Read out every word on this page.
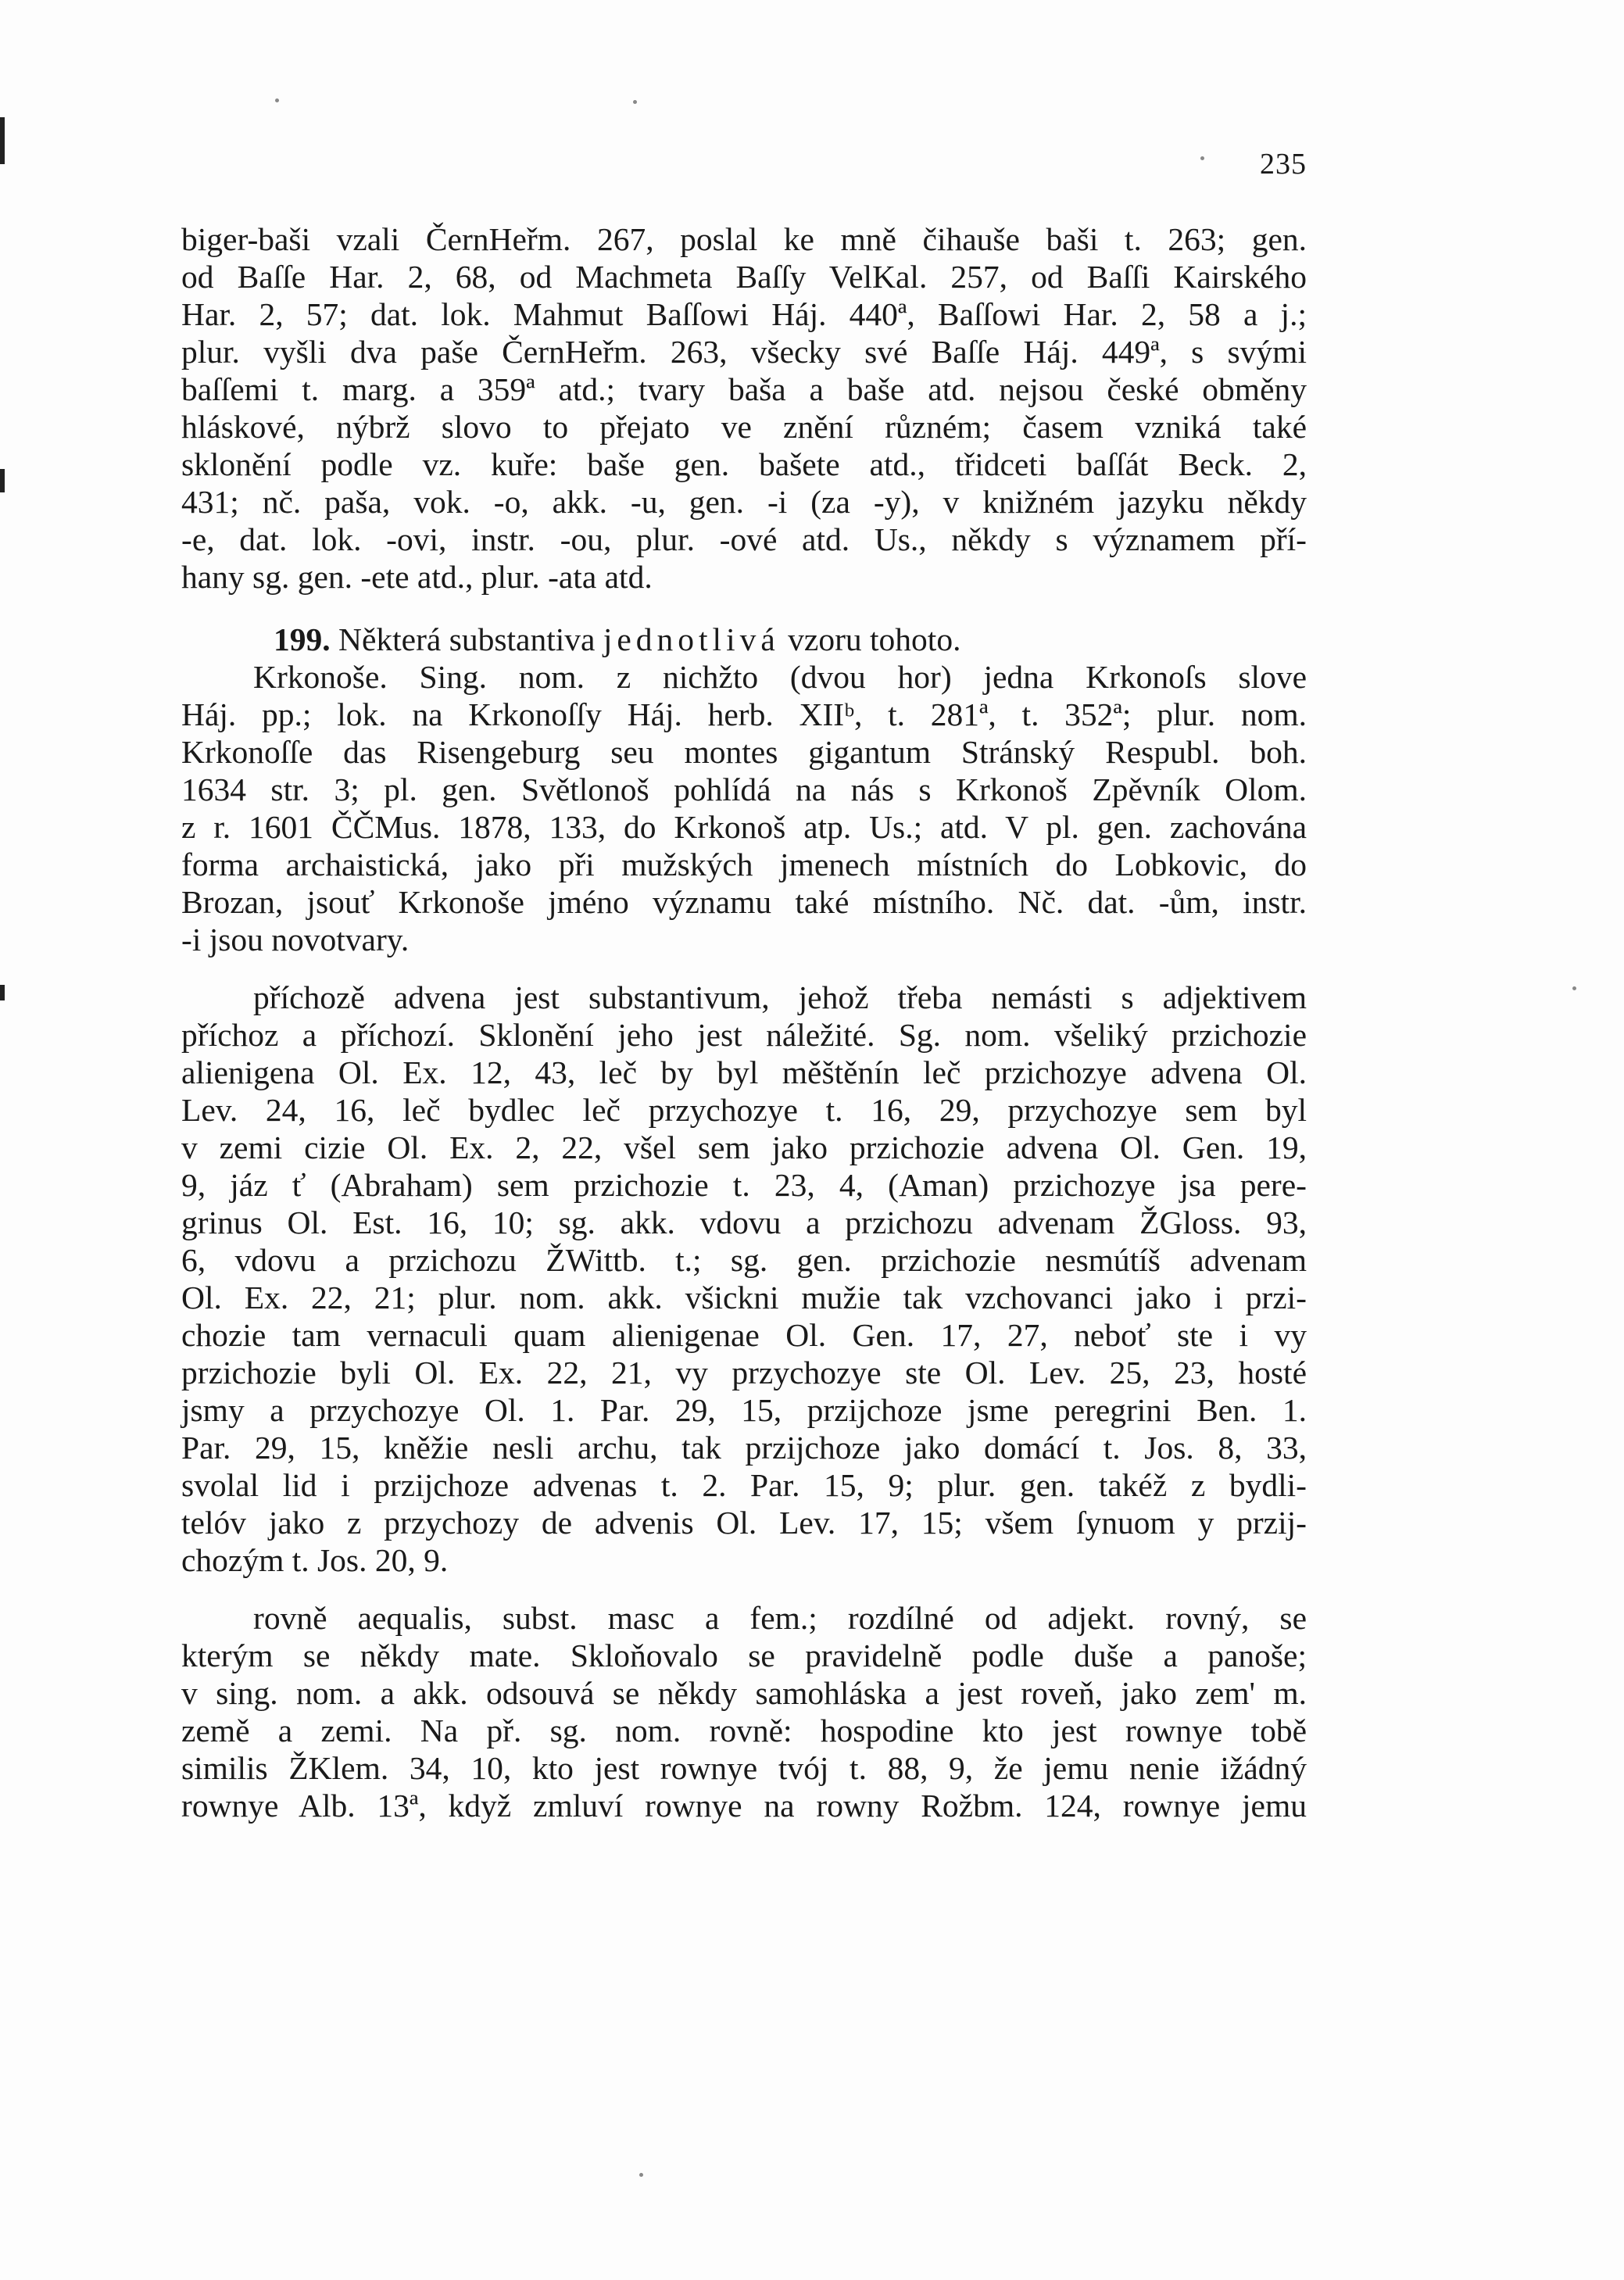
235
biger-baši vzali ČernHeřm. 267, poslal ke mně čihauše baši t. 263; gen.
od Baſſe Har. 2, 68, od Machmeta Baſſy VelKal. 257, od Baſſi Kairského
Har. 2, 57; dat. lok. Mahmut Baſſowi Háj. 440ª, Baſſowi Har. 2, 58 a j.;
plur. vyšli dva paše ČernHeřm. 263, všecky své Baſſe Háj. 449ª, s svými
baſſemi t. marg. a 359ª atd.; tvary baša a baše atd. nejsou české obměny
hláskové, nýbrž slovo to přejato ve znění různém; časem vzniká také
sklonění podle vz. kuře: baše gen. bašete atd., třidceti baſſát Beck. 2,
431; nč. paša, vok. -o, akk. -u, gen. -i (za -y), v knižném jazyku někdy
-e, dat. lok. -ovi, instr. -ou, plur. -ové atd. Us., někdy s významem pří-
hany sg. gen. -ete atd., plur. -ata atd.
199. Některá substantiva jednotlivá vzoru tohoto.
Krkonoše. Sing. nom. z nichžto (dvou hor) jedna Krkonoſs slove
Háj. pp.; lok. na Krkonoſſy Háj. herb. XIIᵇ, t. 281ª, t. 352ª; plur. nom.
Krkonoſſe das Risengeburg seu montes gigantum Stránský Respubl. boh.
1634 str. 3; pl. gen. Světlonoš pohlídá na nás s Krkonoš Zpěvník Olom.
z r. 1601 ČČMus. 1878, 133, do Krkonoš atp. Us.; atd. V pl. gen. zachována
forma archaistická, jako při mužských jmenech místních do Lobkovic, do
Brozan, jsouť Krkonoše jméno významu také místního. Nč. dat. -ům, instr.
-i jsou novotvary.
příchozě advena jest substantivum, jehož třeba nemásti s adjektivem
příchoz a příchozí. Sklonění jeho jest náležité. Sg. nom. všeliký przichozie
alienigena Ol. Ex. 12, 43, leč by byl měštěnín leč przichozye advena Ol.
Lev. 24, 16, leč bydlec leč przychozye t. 16, 29, przychozye sem byl
v zemi cizie Ol. Ex. 2, 22, všel sem jako przichozie advena Ol. Gen. 19,
9, jáz ť (Abraham) sem przichozie t. 23, 4, (Aman) przichozye jsa pere-
grinus Ol. Est. 16, 10; sg. akk. vdovu a przichozu advenam ŽGloss. 93,
6, vdovu a przichozu ŽWittb. t.; sg. gen. przichozie nesmútíš advenam
Ol. Ex. 22, 21; plur. nom. akk. všickni mužie tak vzchovanci jako i przi-
chozie tam vernaculi quam alienigenae Ol. Gen. 17, 27, neboť ste i vy
przichozie byli Ol. Ex. 22, 21, vy przychozye ste Ol. Lev. 25, 23, hosté
jsmy a przychozye Ol. 1. Par. 29, 15, przijchoze jsme peregrini Ben. 1.
Par. 29, 15, kněžie nesli archu, tak przijchoze jako domácí t. Jos. 8, 33,
svolal lid i przijchoze advenas t. 2. Par. 15, 9; plur. gen. takéž z bydli-
telóv jako z przychozy de advenis Ol. Lev. 17, 15; všem ſynuom y przij-
chozým t. Jos. 20, 9.
rovně aequalis, subst. masc a fem.; rozdílné od adjekt. rovný, se
kterým se někdy mate. Skloňovalo se pravidelně podle duše a panoše;
v sing. nom. a akk. odsouvá se někdy samohláska a jest roveň, jako zem' m.
země a zemi. Na př. sg. nom. rovně: hospodine kto jest rownye tobě
similis ŽKlem. 34, 10, kto jest rownye tvój t. 88, 9, že jemu nenie ižádný
rownye Alb. 13ª, když zmluví rownye na rowny Rožbm. 124, rownye jemu
